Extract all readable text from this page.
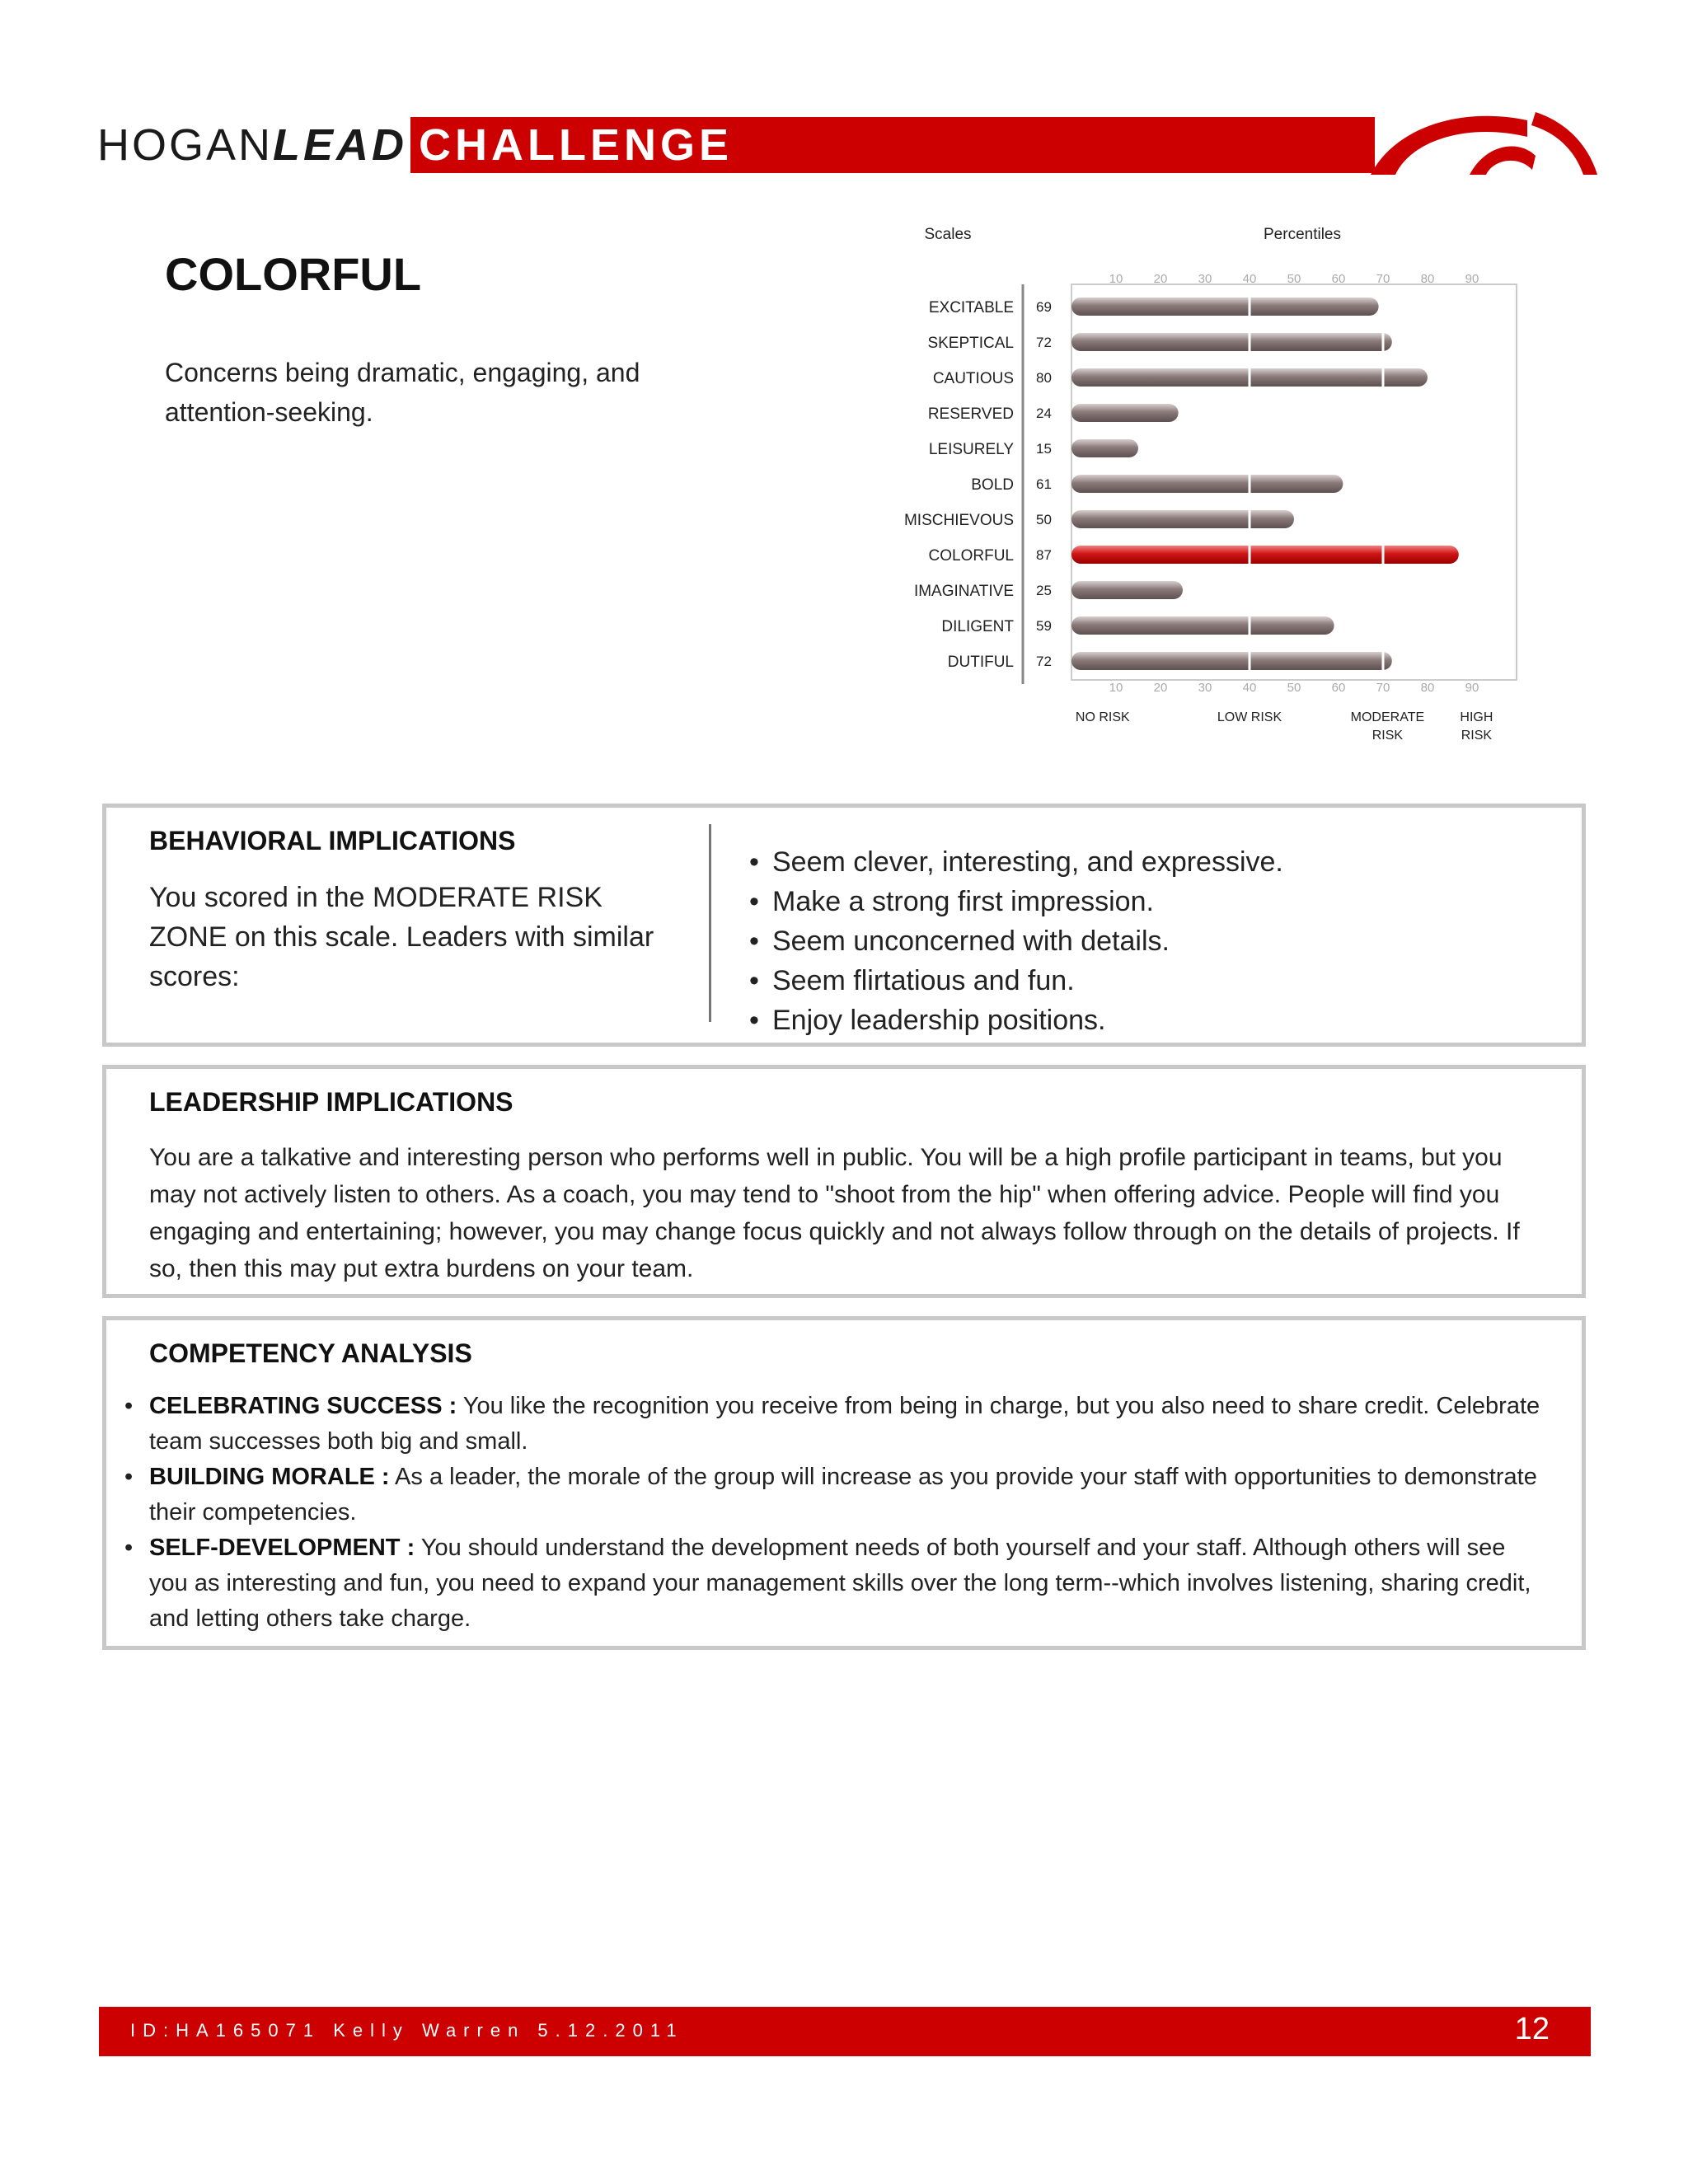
HOGANLEAD CHALLENGE
COLORFUL
Concerns being dramatic, engaging, and attention-seeking.
Scales	Percentiles
10
10
20
20
30
30
40
40
50
50
60
60
70
70
80
80
90
90
EXCITABLE 69
SKEPTICAL 72
CAUTIOUS 80
RESERVED 24
LEISURELY 15
BOLD 61
MISCHIEVOUS 50
COLORFUL 87
IMAGINATIVE 25
DILIGENT 59
DUTIFUL 72
NO RISK	LOW RISK	MODERATE
RISK
HIGH
RISK
BEHAVIORAL IMPLICATIONS

You scored in the MODERATE RISK ZONE on this scale. Leaders with similar scores:

• Seem clever, interesting, and expressive.
• Make a strong first impression.
• Seem unconcerned with details.
• Seem flirtatious and fun.
• Enjoy leadership positions.
LEADERSHIP IMPLICATIONS

You are a talkative and interesting person who performs well in public. You will be a high profile participant in teams, but you may not actively listen to others. As a coach, you may tend to "shoot from the hip" when offering advice. People will find you engaging and entertaining; however, you may change focus quickly and not always follow through on the details of projects. If so, then this may put extra burdens on your team.

COMPETENCY ANALYSIS
• CELEBRATING SUCCESS : You like the recognition you receive from being in charge, but you also need to share credit. Celebrate team successes both big and small.
• BUILDING MORALE : As a leader, the morale of the group will increase as you provide your staff with opportunities to demonstrate their competencies.
• SELF-DEVELOPMENT : You should understand the development needs of both yourself and your staff. Although others will see you as interesting and fun, you need to expand your management skills over the long term--which involves listening, sharing credit, and letting others take charge.
ID:HA165071 Kelly Warren 5.12.2011	12
